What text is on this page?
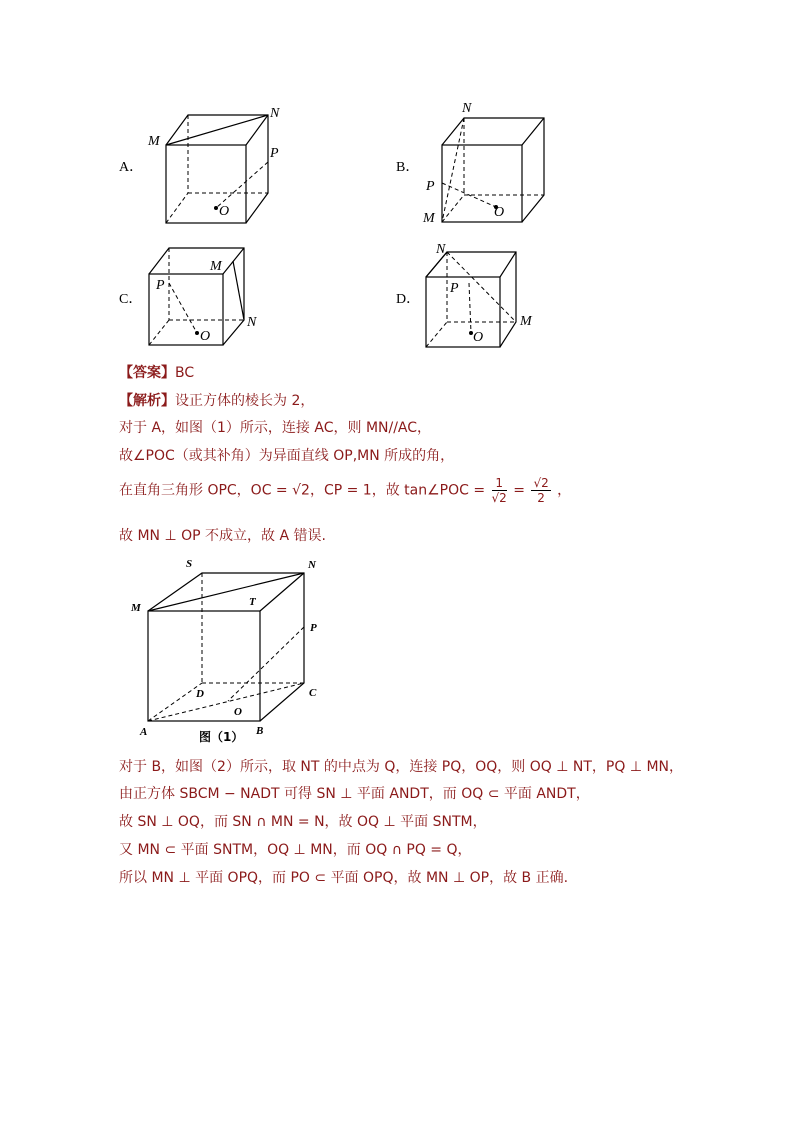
A．
M
N
P
O
B．
N
P
M	O
C．
M
P
N
O
D．
N
P
M
O
【答案】BC
【解析】设正方体的棱长为 2，
对于 A，如图（1）所示，连接 AC，则 MN//AC，
故∠POC（或其补角）为异面直线 OP,MN 所成的角，
在直角三角形 OPC，OC = √2，CP = 1，故 tan∠POC = $\frac{1}{√2} = \frac{√2}{2}$ ，
故 MN ⊥ OP 不成立，故 A 错误.
S	N
M	T
P
D	C
O
A	B
图（1）
对于 B，如图（2）所示，取 NT 的中点为 Q，连接 PQ，OQ，则 OQ ⊥ NT，PQ ⊥ MN，
由正方体 SBCM − NADT 可得 SN ⊥ 平面 ANDT，而 OQ ⊂ 平面 ANDT，
故 SN ⊥ OQ，而 SN ∩ MN = N，故 OQ ⊥ 平面 SNTM，
又 MN ⊂ 平面 SNTM，OQ ⊥ MN，而 OQ ∩ PQ = Q，
所以 MN ⊥ 平面 OPQ，而 PO ⊂ 平面 OPQ，故 MN ⊥ OP，故 B 正确.
